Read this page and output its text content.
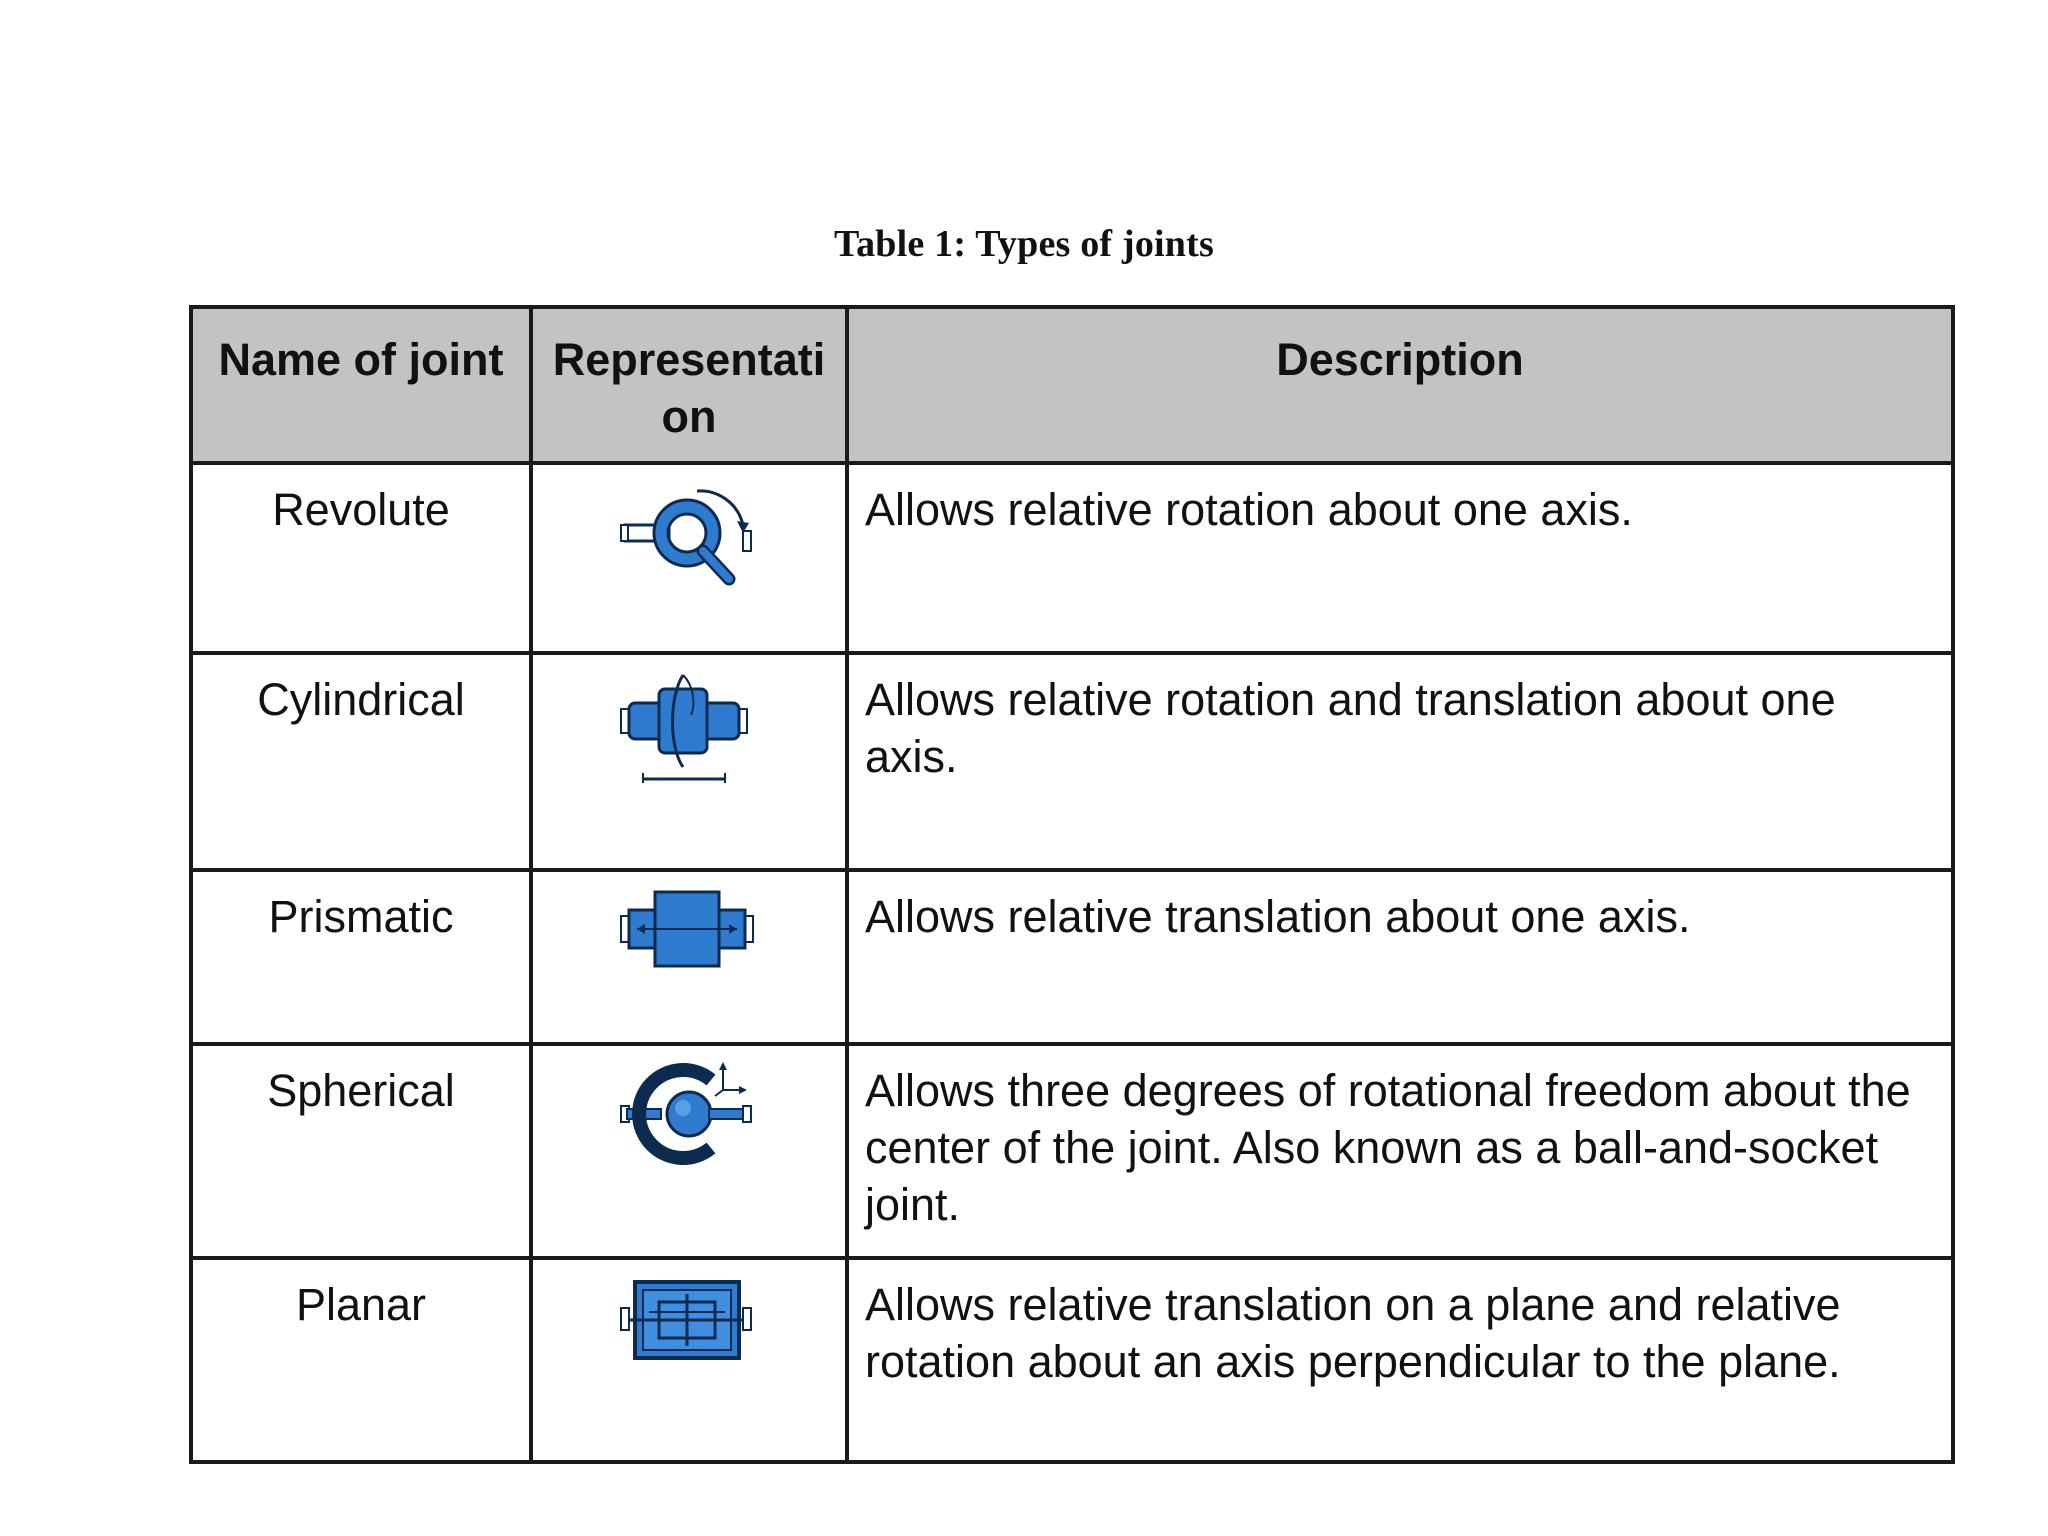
Table 1: Types of joints
Name of joint	Representati on	Description
Revolute		Allows relative rotation about one axis.
Cylindrical		Allows relative rotation and translation about one axis.
Prismatic		Allows relative translation about one axis.
Spherical		Allows three degrees of rotational freedom about the center of the joint. Also known as a ball-and-socket joint.
Planar		Allows relative translation on a plane and relative rotation about an axis perpendicular to the plane.
